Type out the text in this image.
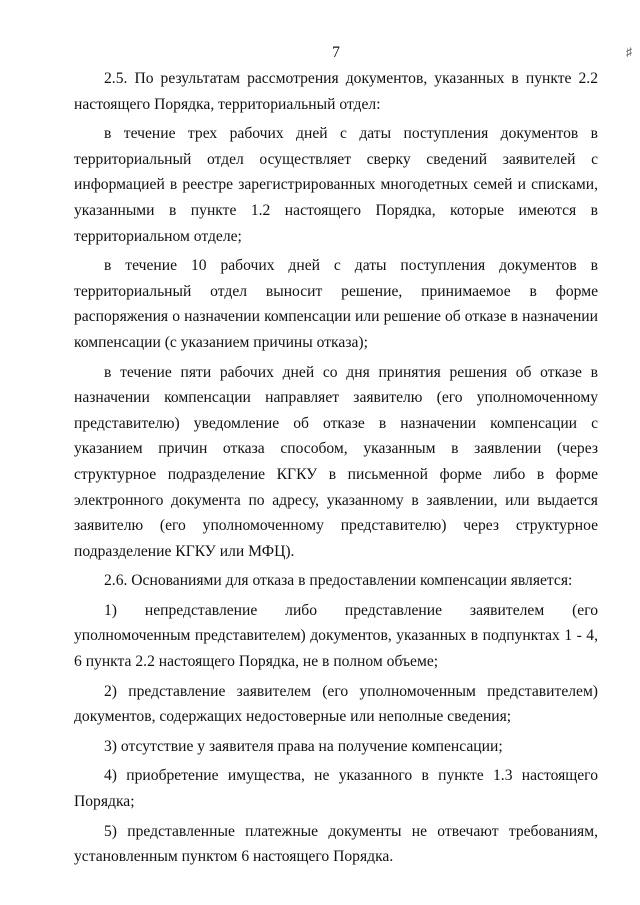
7	♯

2.5. По результатам рассмотрения документов, указанных в пункте 2.2 настоящего Порядка, территориальный отдел:

в течение трех рабочих дней с даты поступления документов в территориальный отдел осуществляет сверку сведений заявителей с информацией в реестре зарегистрированных многодетных семей и списками, указанными в пункте 1.2 настоящего Порядка, которые имеются в территориальном отделе;

в течение 10 рабочих дней с даты поступления документов в территориальный отдел выносит решение, принимаемое в форме распоряжения о назначении компенсации или решение об отказе в назначении компенсации (с указанием причины отказа);

в течение пяти рабочих дней со дня принятия решения об отказе в назначении компенсации направляет заявителю (его уполномоченному представителю) уведомление об отказе в назначении компенсации с указанием причин отказа способом, указанным в заявлении (через структурное подразделение КГКУ в письменной форме либо в форме электронного документа по адресу, указанному в заявлении, или выдается заявителю (его уполномоченному представителю) через структурное подразделение КГКУ или МФЦ).

2.6. Основаниями для отказа в предоставлении компенсации является:

1) непредставление либо представление заявителем (его уполномоченным представителем) документов, указанных в подпунктах 1 - 4, 6 пункта 2.2 настоящего Порядка, не в полном объеме;

2) представление заявителем (его уполномоченным представителем) документов, содержащих недостоверные или неполные сведения;

3) отсутствие у заявителя права на получение компенсации;

4) приобретение имущества, не указанного в пункте 1.3 настоящего Порядка;

5) представленные платежные документы не отвечают требованиям, установленным пунктом 6 настоящего Порядка.
